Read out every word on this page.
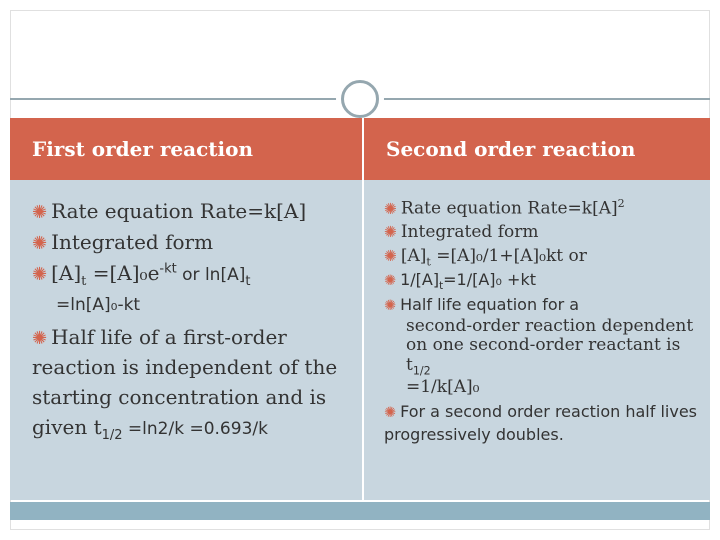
First order reaction	Second order reaction

✺ Rate equation Rate=k[A]

✺ Integrated form

✺ $[A]_t =[A]_0e^{-kt}$ or $\ln[A]_t$

=ln[A]₀-kt

✺ Half life of a first-order reaction is independent of the starting concentration and is given $t_{1/2} =\ln 2/k =0.693/k$

✺ Rate equation $Rate=k[A]^2$

✺ Integrated form

✺ $[A]_t =[A]_0/1+[A]_0kt$ or

✺ $1/[A]_t=1/[A]_0 +kt$

✺ Half life equation for a

second-order reaction dependent on one second-order reactant is $t_{1/2}$
=1/k[A]₀

✺ For a second order reaction half lives progressively doubles.
